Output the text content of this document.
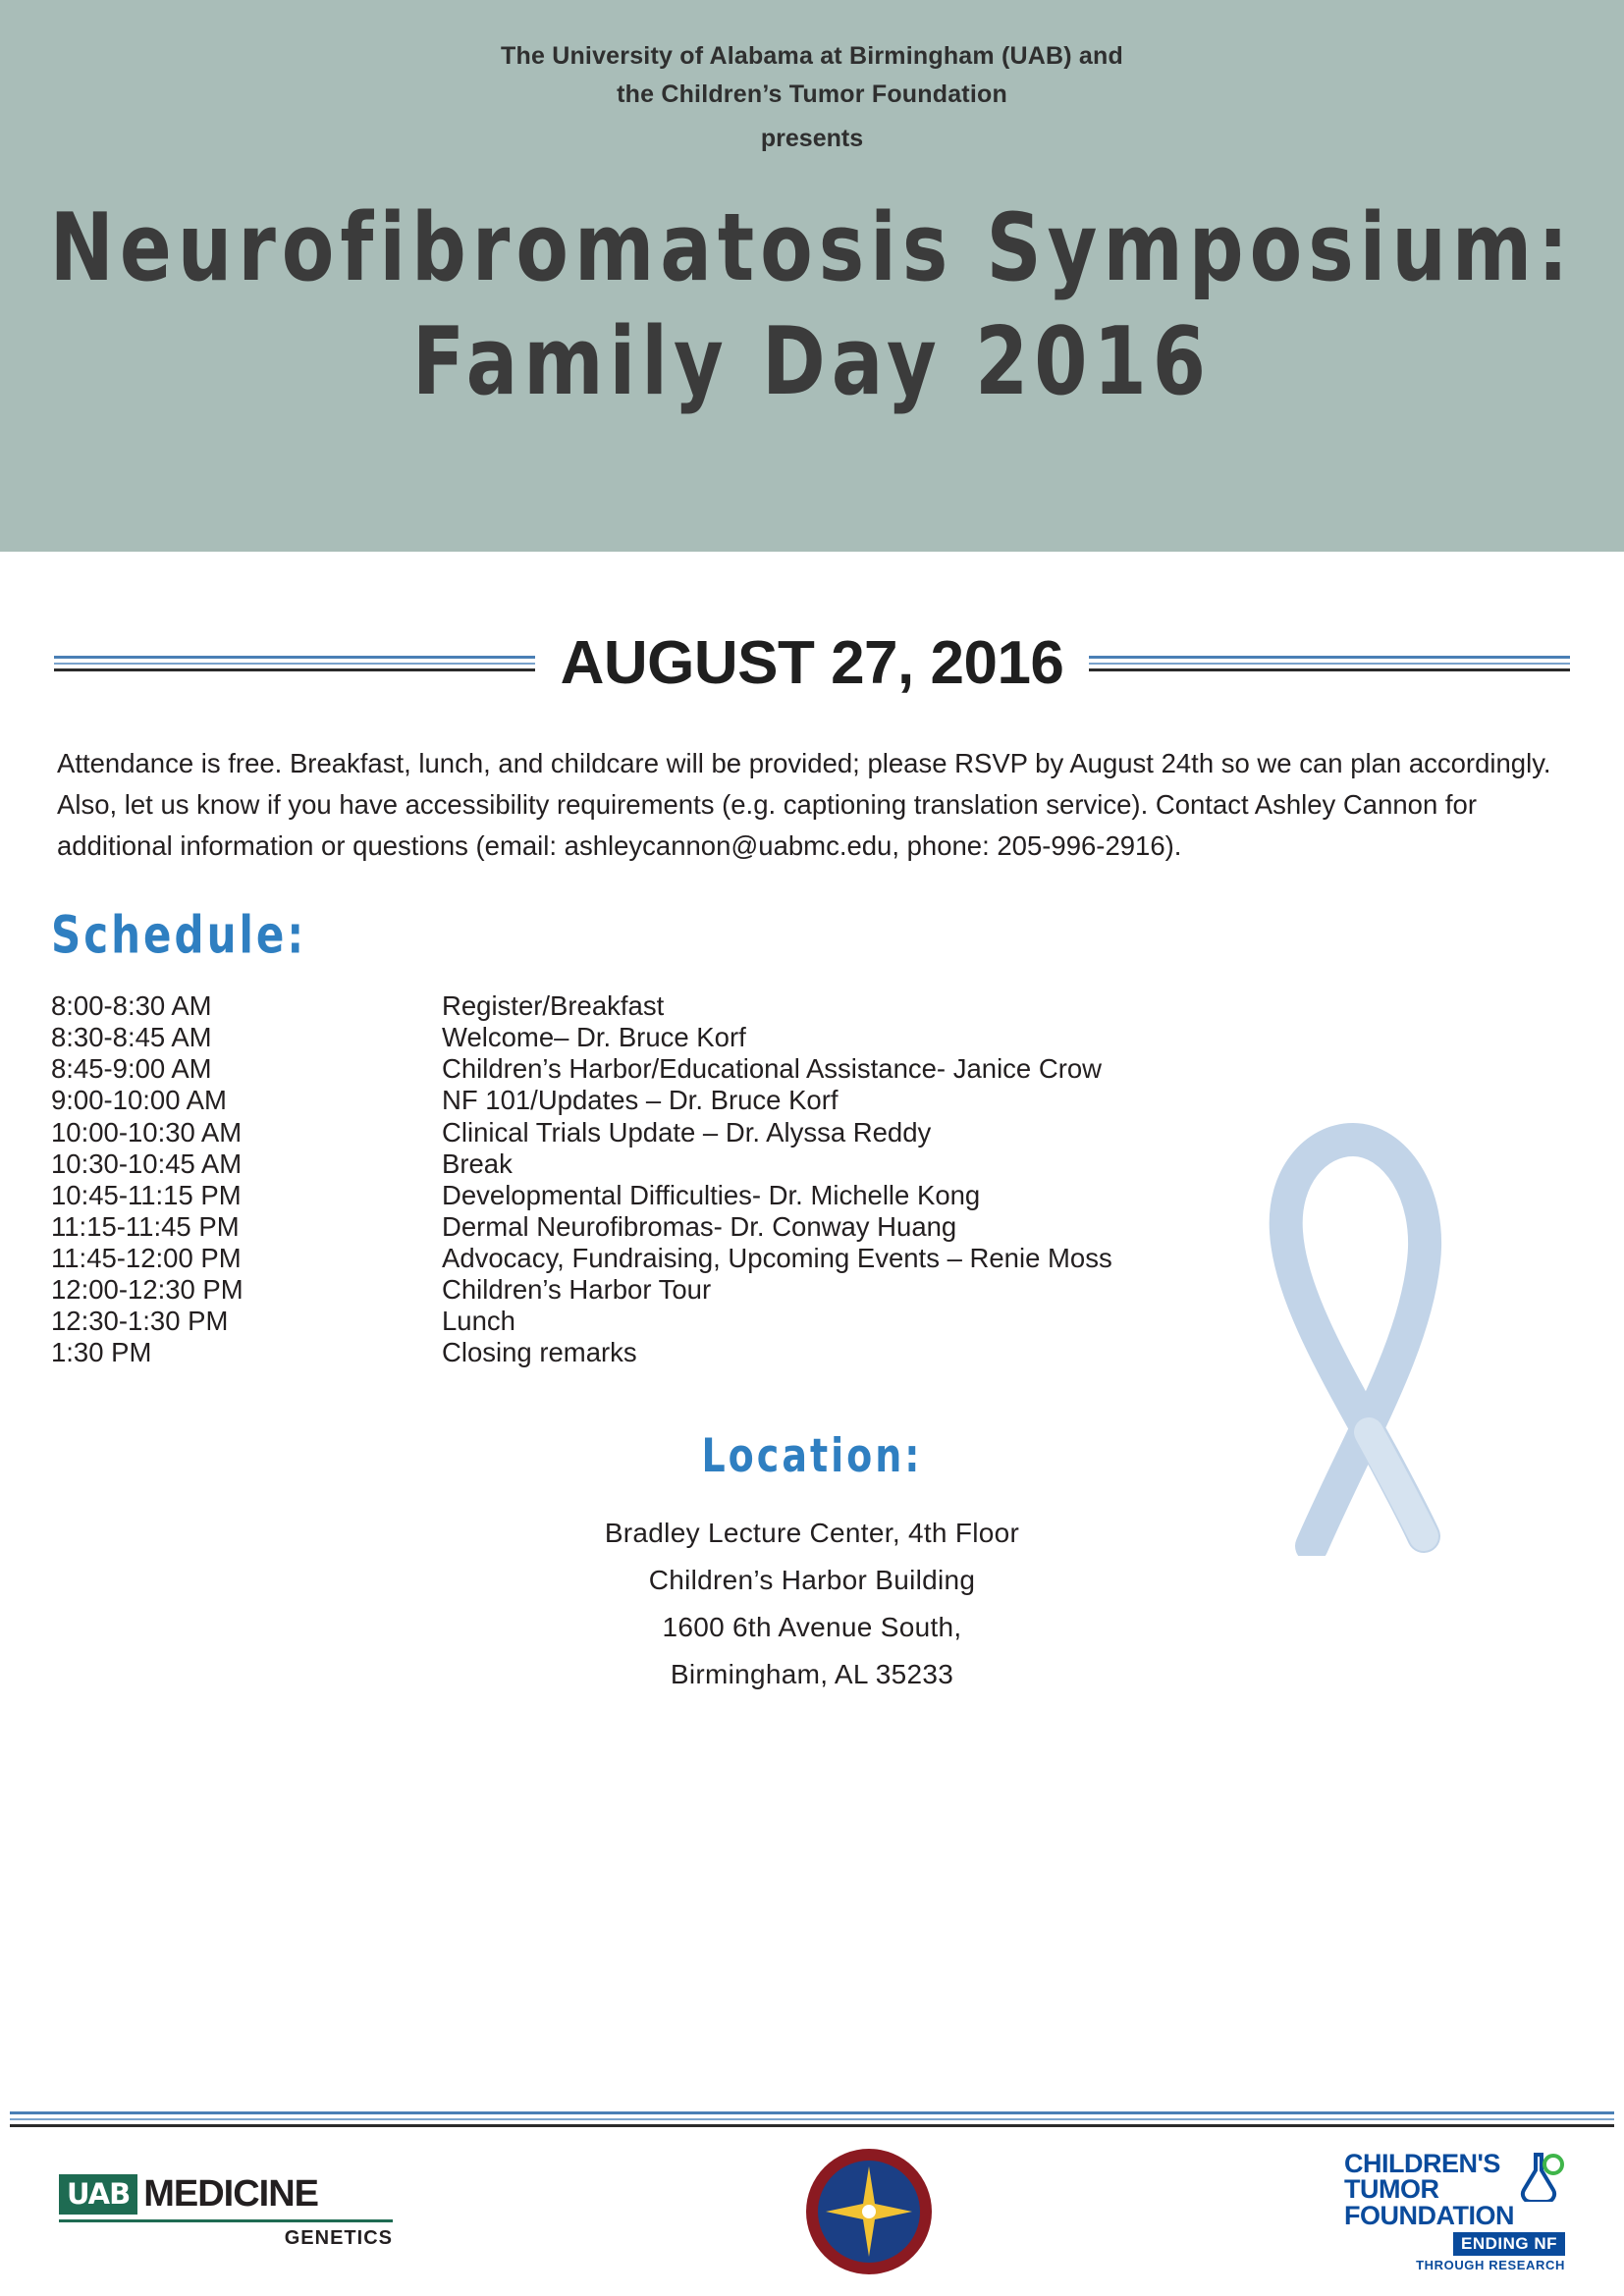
The University of Alabama at Birmingham (UAB) and
the Children’s Tumor Foundation
presents
Neurofibromatosis Symposium:
Family Day 2016
AUGUST 27, 2016
Attendance is free. Breakfast, lunch, and childcare will be provided; please RSVP by August 24th so we can plan accordingly. Also, let us know if you have accessibility requirements (e.g. captioning translation service). Contact Ashley Cannon for additional information or questions (email: ashleycannon@uabmc.edu, phone: 205-996-2916).
Schedule:
8:00-8:30 AM	Register/Breakfast
8:30-8:45 AM	Welcome– Dr. Bruce Korf
8:45-9:00 AM	Children’s Harbor/Educational Assistance- Janice Crow
9:00-10:00 AM	NF 101/Updates – Dr. Bruce Korf
10:00-10:30 AM	Clinical Trials Update – Dr. Alyssa Reddy
10:30-10:45 AM	Break
10:45-11:15 PM	Developmental Difficulties- Dr. Michelle Kong
11:15-11:45 PM	Dermal Neurofibromas- Dr. Conway Huang
11:45-12:00 PM	Advocacy, Fundraising, Upcoming Events – Renie Moss
12:00-12:30 PM	Children’s Harbor Tour
12:30-1:30 PM	Lunch
1:30 PM	Closing remarks
Location:
Bradley Lecture Center, 4th Floor
Children’s Harbor Building
1600 6th Avenue South,
Birmingham, AL 35233
UAB MEDICINE
GENETICS
CHILDREN'S
TUMOR
FOUNDATION
ENDING NF
THROUGH RESEARCH
